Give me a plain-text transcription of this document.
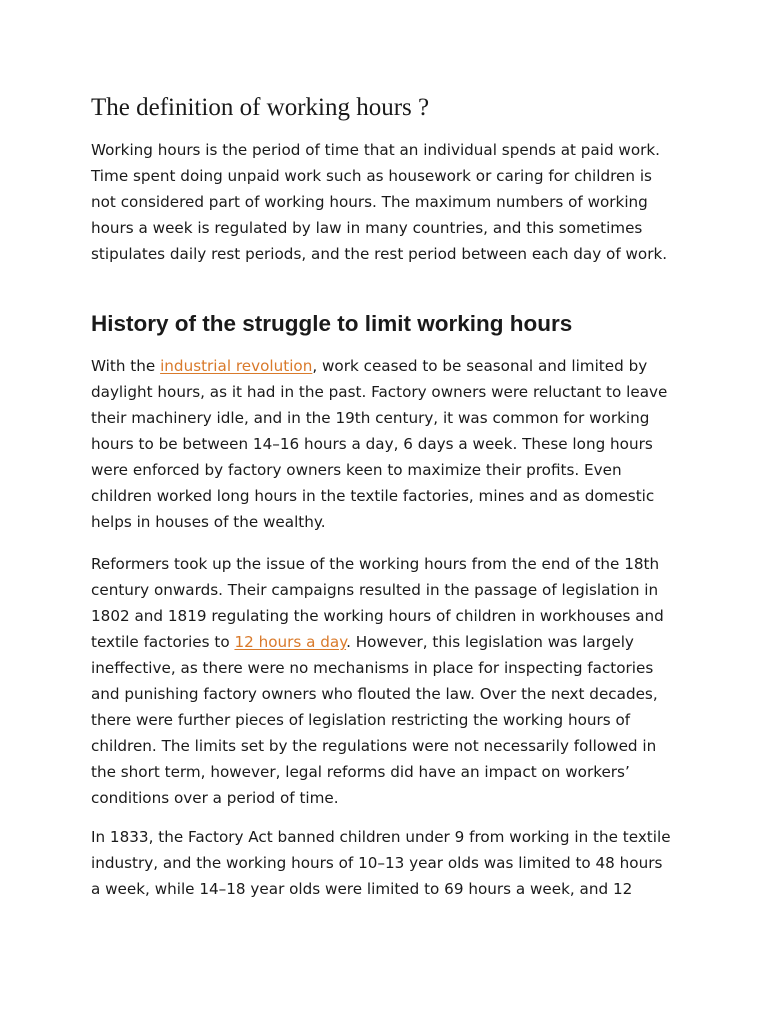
The definition of working hours ?

Working hours is the period of time that an individual spends at paid work.
Time spent doing unpaid work such as housework or caring for children is
not considered part of working hours. The maximum numbers of working
hours a week is regulated by law in many countries, and this sometimes
stipulates daily rest periods, and the rest period between each day of work.

History of the struggle to limit working hours

With the industrial revolution, work ceased to be seasonal and limited by
daylight hours, as it had in the past. Factory owners were reluctant to leave
their machinery idle, and in the 19th century, it was common for working
hours to be between 14–16 hours a day, 6 days a week. These long hours
were enforced by factory owners keen to maximize their profits. Even
children worked long hours in the textile factories, mines and as domestic
helps in houses of the wealthy.

Reformers took up the issue of the working hours from the end of the 18th
century onwards. Their campaigns resulted in the passage of legislation in
1802 and 1819 regulating the working hours of children in workhouses and
textile factories to 12 hours a day. However, this legislation was largely
ineffective, as there were no mechanisms in place for inspecting factories
and punishing factory owners who flouted the law. Over the next decades,
there were further pieces of legislation restricting the working hours of
children. The limits set by the regulations were not necessarily followed in
the short term, however, legal reforms did have an impact on workers’
conditions over a period of time.

In 1833, the Factory Act banned children under 9 from working in the textile
industry, and the working hours of 10–13 year olds was limited to 48 hours
a week, while 14–18 year olds were limited to 69 hours a week, and 12
